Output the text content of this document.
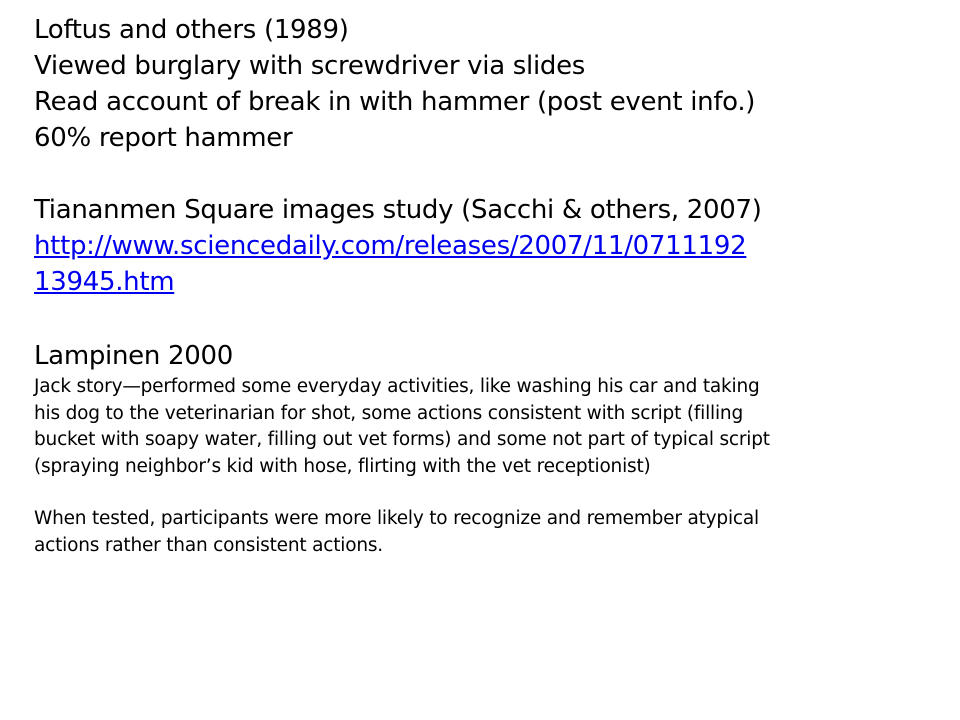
Loftus and others (1989)
Viewed burglary with screwdriver via slides
Read account of break in with hammer (post event info.)
60% report hammer
Tiananmen Square images study (Sacchi & others, 2007)
http://www.sciencedaily.com/releases/2007/11/0711192
13945.htm
Lampinen 2000
Jack story—performed some everyday activities, like washing his car and taking
his dog to the veterinarian for shot, some actions consistent with script (filling
bucket with soapy water, filling out vet forms) and some not part of typical script
(spraying neighbor’s kid with hose, flirting with the vet receptionist)
When tested, participants were more likely to recognize and remember atypical
actions rather than consistent actions.
